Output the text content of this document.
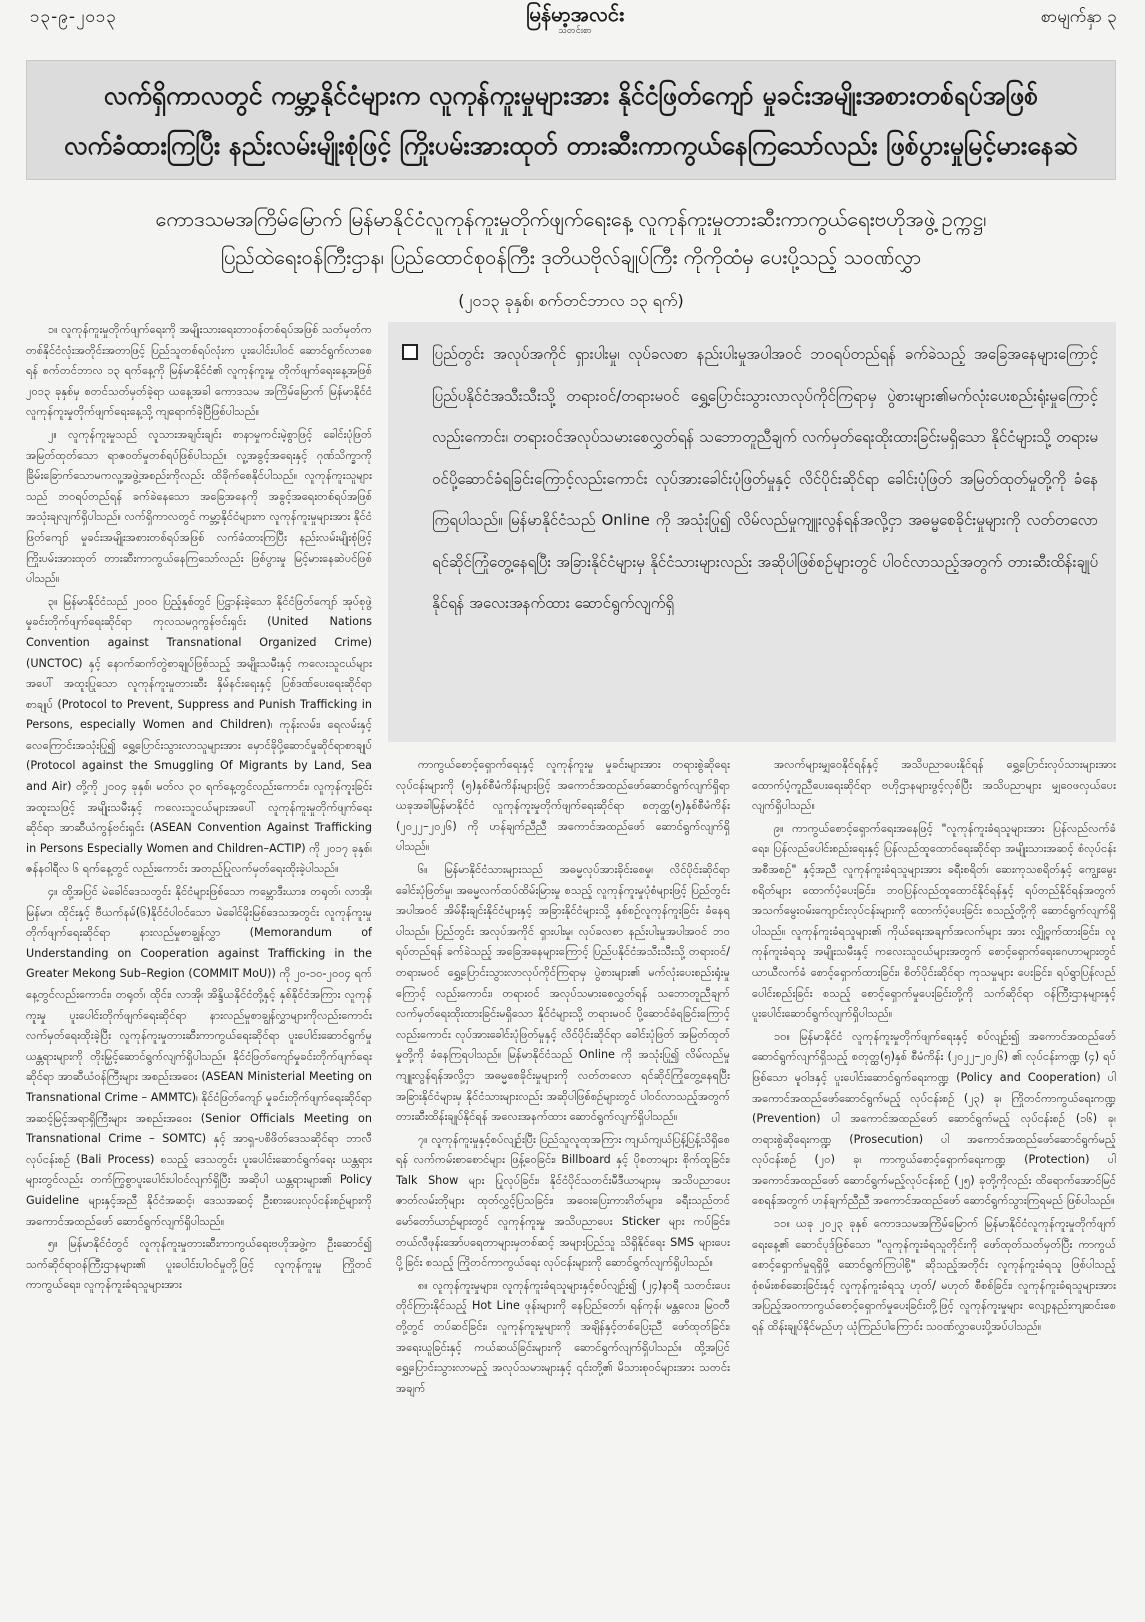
၁၃-၉-၂၀၁၃	မြန်မာ့အလင်း
သတင်းစာ
စာမျက်နှာ ၃
လက်ရှိကာလတွင် ကမ္ဘာ့နိုင်ငံများက လူကုန်ကူးမှုများအား နိုင်ငံဖြတ်ကျော် မှုခင်းအမျိုးအစားတစ်ရပ်အဖြစ်
လက်ခံထားကြပြီး နည်းလမ်းမျိုးစုံဖြင့် ကြိုးပမ်းအားထုတ် တားဆီးကာကွယ်နေကြသော်လည်း ဖြစ်ပွားမှုမြင့်မားနေဆဲ
ကောဒသမအကြိမ်မြောက် မြန်မာနိုင်ငံလူကုန်ကူးမှုတိုက်ဖျက်ရေးနေ့ လူကုန်ကူးမှုတားဆီးကာကွယ်ရေးဗဟိုအဖွဲ့ ဥက္ကဋ္ဌ၊
ပြည်ထဲရေးဝန်ကြီးဌာန၊ ပြည်ထောင်စုဝန်ကြီး ဒုတိယဗိုလ်ချုပ်ကြီး ကိုကိုထံမှ ပေးပို့သည့် သဝဏ်လွှာ
(၂၀၁၃ ခုနှစ်၊ စက်တင်ဘာလ ၁၃ ရက်)

၁။ လူကုန်ကူးမှုတိုက်ဖျက်ရေးကို အမျိုးသားရေးတာဝန်တစ်ရပ်အဖြစ် သတ်မှတ်က တစ်နိုင်ငံလုံးအတိုင်းအတာဖြင့် ပြည်သူတစ်ရပ်လုံးက ပူးပေါင်းပါဝင် ဆောင်ရွက်လာစေရန် စက်တင်ဘာလ ၁၃ ရက်နေ့ကို မြန်မာနိုင်ငံ၏ လူကုန်ကူးမှု တိုက်ဖျက်ရေးနေ့အဖြစ် ၂၀၁၃ ခုနှစ်မှ စတင်သတ်မှတ်ခဲ့ရာ ယနေ့အခါ ကောဒသမ အကြိမ်မြောက် မြန်မာနိုင်ငံလူကုန်ကူးမှုတိုက်ဖျက်ရေးနေ့သို့ ကျရောက်ခဲ့ပြီဖြစ်ပါသည်။

၂။ လူကုန်ကူးမှုသည် လူသားအချင်းချင်း စာနာမှုကင်းမဲ့စွာဖြင့် ခေါင်းပုံဖြတ် အမြတ်ထုတ်သော ရာဇဝတ်မှုတစ်ရပ်ဖြစ်ပါသည်။ လူ့အခွင့်အရေးနှင့် ဂုဏ်သိက္ခာကို ခြိမ်းခြောက်သောမကလူ့အဖွဲ့အစည်းကိုလည်း ထိခိုက်စေနိုင်ပါသည်။ လူကုန်ကူးသူများသည် ဘဝရပ်တည်ရန် ခက်ခဲနေသော အခြေအနေကို အခွင့်အရေးတစ်ရပ်အဖြစ် အသုံးချလျက်ရှိပါသည်။ လက်ရှိကာလတွင် ကမ္ဘာ့နိုင်ငံများက လူကုန်ကူးမှုများအား နိုင်ငံဖြတ်ကျော် မှုခင်းအမျိုးအစားတစ်ရပ်အဖြစ် လက်ခံထားကြပြီး နည်းလမ်းမျိုးစုံဖြင့် ကြိုးပမ်းအားထုတ် တားဆီးကာကွယ်နေကြသော်လည်း ဖြစ်ပွားမှု မြင့်မားနေဆဲပင်ဖြစ်ပါသည်။

၃။ မြန်မာနိုင်ငံသည် ၂၀၀၀ ပြည့်နှစ်တွင် ပြဋ္ဌာန်းခဲ့သော နိုင်ငံဖြတ်ကျော် အုပ်စုဖွဲ့မှုခင်းတိုက်ဖျက်ရေးဆိုင်ရာ ကုလသမဂ္ဂကွန်ဗင်းရှင်း (United Nations Convention against Transnational Organized Crime) (UNCTOC) နှင့် နောက်ဆက်တွဲစာချုပ်ဖြစ်သည့် အမျိုးသမီးနှင့် ကလေးသူငယ်များအပေါ် အထူးပြုသော လူကုန်ကူးမှုတားဆီး နှိမ်နင်းရေးနှင့် ပြစ်ဒဏ်ပေးရေးဆိုင်ရာစာချုပ် (Protocol to Prevent, Suppress and Punish Trafficking in Persons, especially Women and Children)၊ ကုန်းလမ်း၊ ရေလမ်းနှင့် လေကြောင်းအသုံးပြု၍ ရွှေ့ပြောင်းသွားလာသူများအား မှောင်ခိုပို့ဆောင်မှုဆိုင်ရာစာချုပ် (Protocol against the Smuggling Of Migrants by Land, Sea and Air) တို့ကို ၂၀၀၄ ခုနှစ်၊ မတ်လ ၃၀ ရက်နေ့တွင်လည်းကောင်း၊ လူကုန်ကူးခြင်း အထူးသဖြင့် အမျိုးသမီးနှင့် ကလေးသူငယ်များအပေါ် လူကုန်ကူးမှုတိုက်ဖျက်ရေးဆိုင်ရာ အာဆီယံကွန်ဗင်းရှင်း (ASEAN Convention Against Trafficking in Persons Especially Women and Children–ACTIP) ကို ၂၀၁၇ ခုနှစ်၊ ဇန်နဝါရီလ ၆ ရက်နေ့တွင် လည်းကောင်း အတည်ပြုလက်မှတ်ရေးထိုးခဲ့ပါသည်။

၄။ ထို့အပြင် မဲခေါင်ဒေသတွင်း နိုင်ငံများဖြစ်သော ကမ္ဘောဒီးယား၊ တရုတ်၊ လာအို၊ မြန်မာ၊ ထိုင်းနှင့် ဗီယက်နမ်(၆)နိုင်ငံပါဝင်သော မဲခေါင်မိုးမြစ်ဒေသအတွင်း လူကုန်ကူးမှုတိုက်ဖျက်ရေးဆိုင်ရာ နားလည်မှုစာချွန်လွှာ (Memorandum of Understanding on Cooperation against Trafficking in the Greater Mekong Sub–Region (COMMIT MoU)) ကို ၂၀-၁၀-၂၀၀၄ ရက်နေ့တွင်လည်းကောင်း၊ တရုတ်၊ ထိုင်း၊ လာအို၊ အိန္ဒိယနိုင်ငံတို့နှင့် နှစ်နိုင်ငံအကြား လူကုန်ကူးမှု ပူးပေါင်းတိုက်ဖျက်ရေးဆိုင်ရာ နားလည်မှုစာချွန်လွှာများကိုလည်းကောင်း လက်မှတ်ရေးထိုးခဲ့ပြီး လူကုန်ကူးမှုတားဆီးကာကွယ်ရေးဆိုင်ရာ ပူးပေါင်းဆောင်ရွက်မှု ယန္တရားများကို တိုးမြှင့်ဆောင်ရွက်လျက်ရှိပါသည်။ နိုင်ငံဖြတ်ကျော်မှုခင်းတိုက်ဖျက်ရေးဆိုင်ရာ အာဆီယံဝန်ကြီးများ အစည်းအဝေး (ASEAN Ministerial Meeting on Transnational Crime – AMMTC)၊ နိုင်ငံဖြတ်ကျော် မှုခင်းတိုက်ဖျက်ရေးဆိုင်ရာ အဆင့်မြင့်အရာရှိကြီးများ အစည်းအဝေး (Senior Officials Meeting on Transnational Crime – SOMTC) နှင့် အာရှ-ပစိဖိတ်ဒေသဆိုင်ရာ ဘာလီလုပ်ငန်းစဉ် (Bali Process) စသည့် ဒေသတွင်း ပူးပေါင်းဆောင်ရွက်ရေး ယန္တရားများတွင်လည်း တက်ကြွစွာပူးပေါင်းပါဝင်လျက်ရှိပြီး အဆိုပါ ယန္တရားများ၏ Policy Guideline များနှင့်အညီ နိုင်ငံအဆင့်၊ ဒေသအဆင့် ဦးစားပေးလုပ်ငန်းစဉ်များကို အကောင်အထည်ဖော် ဆောင်ရွက်လျက်ရှိပါသည်။

၅။ မြန်မာနိုင်ငံတွင် လူကုန်ကူးမှုတားဆီးကာကွယ်ရေးဗဟိုအဖွဲ့က ဦးဆောင်၍ သက်ဆိုင်ရာဝန်ကြီးဌာနများ၏ ပူးပေါင်းပါဝင်မှုတို့ဖြင့် လူကုန်ကူးမှု ကြိုတင်ကာကွယ်ရေး၊ လူကုန်ကူးခံရသူများအား

ပြည်တွင်း အလုပ်အကိုင် ရှားပါးမှု၊ လုပ်ခလစာ နည်းပါးမှုအပါအဝင် ဘဝရပ်တည်ရန် ခက်ခဲသည့် အခြေအနေများကြောင့် ပြည်ပနိုင်ငံအသီးသီးသို့ တရားဝင်/တရားမဝင် ရွှေ့ပြောင်းသွားလာလုပ်ကိုင်ကြရာမှ ပွဲစားများ၏မက်လုံးပေးစည်းရုံးမှုကြောင့်လည်းကောင်း၊ တရားဝင်အလုပ်သမားစေလွှတ်ရန် သဘောတူညီချက် လက်မှတ်ရေးထိုးထားခြင်းမရှိသော နိုင်ငံများသို့ တရားမဝင်ပို့ဆောင်ခံရခြင်းကြောင့်လည်းကောင်း လုပ်အားခေါင်းပုံဖြတ်မှုနှင့် လိင်ပိုင်းဆိုင်ရာ ခေါင်းပုံဖြတ် အမြတ်ထုတ်မှုတို့ကို ခံနေကြရပါသည်။ မြန်မာနိုင်ငံသည် Online ကို အသုံးပြု၍ လိမ်လည်မှုကျူးလွန်ရန်အလို့ငှာ အဓမ္မစေခိုင်းမှုများကို လတ်တလောရင်ဆိုင်ကြုံတွေ့နေရပြီး အခြားနိုင်ငံများမှ နိုင်ငံသားများလည်း အဆိုပါဖြစ်စဉ်များတွင် ပါဝင်လာသည့်အတွက် တားဆီးထိန်းချုပ်နိုင်ရန် အလေးအနက်ထား ဆောင်ရွက်လျက်ရှိ

ကာကွယ်စောင့်ရှောက်ရေးနှင့် လူကုန်ကူးမှု မှုခင်းများအား တရားစွဲဆိုရေးလုပ်ငန်းများကို (၅)နှစ်စီမံကိန်းများဖြင့် အကောင်အထည်ဖော်ဆောင်ရွက်လျက်ရှိရာ ယခုအခါမြန်မာနိုင်ငံ လူကုန်ကူးမှုတိုက်ဖျက်ရေးဆိုင်ရာ စတုတ္ထ(၅)နှစ်စီမံကိန်း (၂၀၂၂–၂၀၂၆) ကို ဟန်ချက်ညီညီ အကောင်အထည်ဖော် ဆောင်ရွက်လျက်ရှိပါသည်။

၆။ မြန်မာနိုင်ငံသားများသည် အဓမ္မလုပ်အားခိုင်းစေမှု၊ လိင်ပိုင်းဆိုင်ရာ ခေါင်းပုံဖြတ်မှု၊ အဓမ္မလက်ထပ်ထိမ်းမြားမှု စသည့် လူကုန်ကူးမှုပုံစံများဖြင့် ပြည်တွင်းအပါအဝင် အိမ်နီးချင်းနိုင်ငံများနှင့် အခြားနိုင်ငံများသို့ နှစ်စဉ်လူကုန်ကူးခြင်း ခံနေရပါသည်။ ပြည်တွင်း အလုပ်အကိုင် ရှားပါးမှု၊ လုပ်ခလစာ နည်းပါးမှုအပါအဝင် ဘဝရပ်တည်ရန် ခက်ခဲသည့် အခြေအနေများကြောင့် ပြည်ပနိုင်ငံအသီးသီးသို့ တရားဝင်/တရားမဝင် ရွှေ့ပြောင်းသွားလာလုပ်ကိုင်ကြရာမှ ပွဲစားများ၏ မက်လုံးပေးစည်းရုံးမှုကြောင့် လည်းကောင်း၊ တရားဝင် အလုပ်သမားစေလွှတ်ရန် သဘောတူညီချက် လက်မှတ်ရေးထိုးထားခြင်းမရှိသော နိုင်ငံများသို့ တရားမဝင် ပို့ဆောင်ခံရခြင်းကြောင့်လည်းကောင်း လုပ်အားခေါင်းပုံဖြတ်မှုနှင့် လိင်ပိုင်းဆိုင်ရာ ခေါင်းပုံဖြတ် အမြတ်ထုတ်မှုတို့ကို ခံနေကြရပါသည်။ မြန်မာနိုင်ငံသည် Online ကို အသုံးပြု၍ လိမ်လည်မှု ကျူးလွန်ရန်အလို့ငှာ အဓမ္မစေခိုင်းမှုများကို လတ်တလော ရင်ဆိုင်ကြုံတွေ့နေရပြီး အခြားနိုင်ငံများမှ နိုင်ငံသားများလည်း အဆိုပါဖြစ်စဉ်များတွင် ပါဝင်လာသည့်အတွက် တားဆီးထိန်းချုပ်နိုင်ရန် အလေးအနက်ထား ဆောင်ရွက်လျက်ရှိပါသည်။

၇။ လူကုန်ကူးမှုနှင့်စပ်လျဉ်းပြီး ပြည်သူလူထုအကြား ကျယ်ကျယ်ပြန့်ပြန့်သိရှိစေရန် လက်ကမ်းစာစောင်များ ဖြန့်ဝေခြင်း၊ Billboard နှင့် ပိုစတာများ စိုက်ထူခြင်း၊ Talk Show များ ပြုလုပ်ခြင်း၊ နိုင်ငံပိုင်သတင်းမီဒီယာများမှ အသိပညာပေးဇာတ်လမ်းတိုများ ထုတ်လွှင့်ပြသခြင်း၊ အဝေးပြေးကားဂိတ်များ၊ ခရီးသည်တင် မော်တော်ယာဉ်များတွင် လူကုန်ကူးမှု အသိပညာပေး Sticker များ ကပ်ခြင်း၊ တယ်လီဖုန်းအော်ပရေတာများမှတစ်ဆင့် အများပြည်သူ သိရှိနိုင်ရေး SMS များပေးပို့ခြင်း စသည့် ကြိုတင်ကာကွယ်ရေး လုပ်ငန်းများကို ဆောင်ရွက်လျက်ရှိပါသည်။

၈။ လူကုန်ကူးမှုများ၊ လူကုန်ကူးခံရသူများနှင့်စပ်လျဉ်း၍ (၂၄)နာရီ သတင်းပေးတိုင်ကြားနိုင်သည့် Hot Line ဖုန်းများကို နေပြည်တော်၊ ရန်ကုန်၊ မန္တလေး၊ မြဝတီတို့တွင် တပ်ဆင်ခြင်း၊ လူကုန်ကူးမှုများကို အချိန်နှင့်တစ်ပြေးညီ ဖော်ထုတ်ခြင်း၊ အရေးယူခြင်းနှင့် ကယ်ဆယ်ခြင်းများကို ဆောင်ရွက်လျက်ရှိပါသည်။ ထို့အပြင် ရွှေ့ပြောင်းသွားလာမည့် အလုပ်သမားများနှင့် ၎င်းတို့၏ မိသားစုဝင်များအား သတင်းအချက်

အလက်များမျှဝေနိုင်ရန်နှင့် အသိပညာပေးနိုင်ရန် ရွှေ့ပြောင်းလုပ်သားများအား ထောက်ပံ့ကူညီပေးရေးဆိုင်ရာ ဗဟိုဌာနများဖွင့်လှစ်ပြီး အသိပညာများ မျှဝေဖလှယ်ပေးလျက်ရှိပါသည်။

၉။ ကာကွယ်စောင့်ရှောက်ရေးအနေဖြင့် "လူကုန်ကူးခံရသူများအား ပြန်လည်လက်ခံရေး၊ ပြန်လည်ပေါင်းစည်းရေးနှင့် ပြန်လည်ထူထောင်ရေးဆိုင်ရာ အမျိုးသားအဆင့် စံလုပ်ငန်းအစီအစဉ်" နှင့်အညီ လူကုန်ကူးခံရသူများအား ခရီးစရိတ်၊ ဆေးကုသစရိတ်နှင့် ကျွေးမွေးစရိတ်များ ထောက်ပံ့ပေးခြင်း၊ ဘဝပြန်လည်ထူထောင်နိုင်ရန်နှင့် ရပ်တည်နိုင်ရန်အတွက် အသက်မွေးဝမ်းကျောင်းလုပ်ငန်းများကို ထောက်ပံ့ပေးခြင်း စသည့်တို့ကို ဆောင်ရွက်လျက်ရှိပါသည်။ လူကုန်ကူးခံရသူများ၏ ကိုယ်ရေးအချက်အလက်များ အား လျှို့ဝှက်ထားခြင်း၊ လူကုန်ကူးခံရသူ အမျိုးသမီးနှင့် ကလေးသူငယ်များအတွက် စောင့်ရှောက်ရေးဂေဟာများတွင် ယာယီလက်ခံ စောင့်ရှောက်ထားခြင်း၊ စိတ်ပိုင်းဆိုင်ရာ ကုသမှုများ ပေးခြင်း၊ ရပ်ရွာပြန်လည် ပေါင်းစည်းခြင်း စသည့် စောင့်ရှောက်မှုပေးခြင်းတို့ကို သက်ဆိုင်ရာ ဝန်ကြီးဌာနများနှင့် ပူးပေါင်းဆောင်ရွက်လျက်ရှိပါသည်။

၁၀။ မြန်မာနိုင်ငံ လူကုန်ကူးမှုတိုက်ဖျက်ရေးနှင့် စပ်လျဉ်း၍ အကောင်အထည်ဖော် ဆောင်ရွက်လျက်ရှိသည့် စတုတ္ထ(၅)နှစ် စီမံကိန်း (၂၀၂၂–၂၀၂၆) ၏ လုပ်ငန်းကဏ္ဍ (၄) ရပ်ဖြစ်သော မူဝါဒနှင့် ပူးပေါင်းဆောင်ရွက်ရေးကဏ္ဍ (Policy and Cooperation) ပါ အကောင်အထည်ဖော်ဆောင်ရွက်မည့် လုပ်ငန်းစဉ် (၂၃) ခု၊ ကြိုတင်ကာကွယ်ရေးကဏ္ဍ (Prevention) ပါ အကောင်အထည်ဖော် ဆောင်ရွက်မည့် လုပ်ငန်းစဉ် (၁၆) ခု၊ တရားစွဲဆိုရေးကဏ္ဍ (Prosecution) ပါ အကောင်အထည်ဖော်ဆောင်ရွက်မည့် လုပ်ငန်းစဉ် (၂၀) ခု၊ ကာကွယ်စောင့်ရှောက်ရေးကဏ္ဍ (Protection) ပါ အကောင်အထည်ဖော် ဆောင်ရွက်မည့်လုပ်ငန်းစဉ် (၂၅) ခုတို့ကိုလည်း ထိရောက်အောင်မြင်စေရန်အတွက် ဟန်ချက်ညီညီ အကောင်အထည်ဖော် ဆောင်ရွက်သွားကြရမည် ဖြစ်ပါသည်။

၁၁။ ယခု ၂၀၂၃ ခုနှစ် ကောဒသမအကြိမ်မြောက် မြန်မာနိုင်ငံလူကုန်ကူးမှုတိုက်ဖျက်ရေးနေ့၏ ဆောင်ပုဒ်ဖြစ်သော "လူကုန်ကူးခံရသူတိုင်းကို ဖော်ထုတ်သတ်မှတ်ပြီး ကာကွယ်စောင့်ရှောက်မှုရရှိဖို့ ဆောင်ရွက်ကြပါစို့" ဆိုသည့်အတိုင်း လူကုန်ကူးခံရသူ ဖြစ်ပါသည့် စုံစမ်းစစ်ဆေးခြင်းနှင့် လူကုန်ကူးခံရသူ ဟုတ်/ မဟုတ် စီစစ်ခြင်း၊ လူကုန်ကူးခံရသူများအား အပြည့်အဝကာကွယ်စောင့်ရှောက်မှုပေးခြင်းတို့ဖြင့် လူကုန်ကူးမှုများ လျော့နည်းကျဆင်းစေရန် ထိန်းချုပ်နိုင်မည်ဟု ယုံကြည်ပါကြောင်း သဝဏ်လွှာပေးပို့အပ်ပါသည်။
